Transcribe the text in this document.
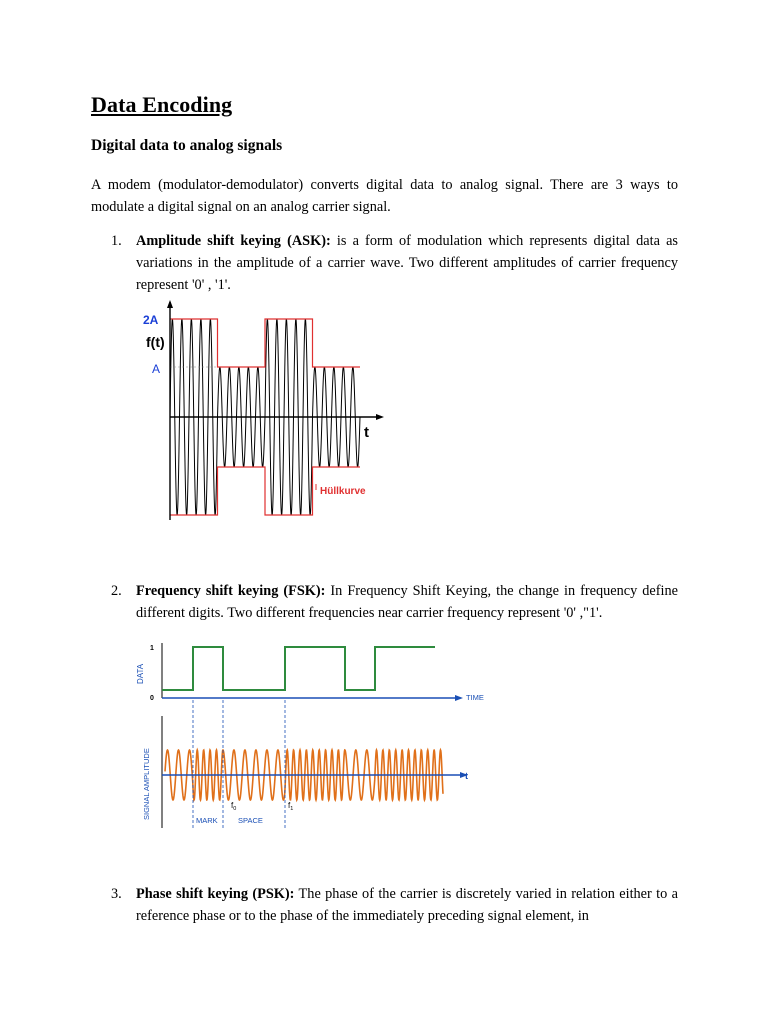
Data Encoding
Digital data to analog signals

A modem (modulator-demodulator) converts digital data to analog signal. There are 3 ways to modulate a digital signal on an analog carrier signal.

1. Amplitude shift keying (ASK): is a form of modulation which represents digital data as variations in the amplitude of a carrier wave. Two different amplitudes of carrier frequency represent '0' , '1'.
2A
f(t)
A
t
Hüllkurve
2. Frequency shift keying (FSK): In Frequency Shift Keying, the change in frequency define different digits. Two different frequencies near carrier frequency represent '0' ,"1'.
1
0
DATA
TIME
SIGNAL AMPLITUDE	t
$f_0$	$f_1$
MARK	SPACE
3. Phase shift keying (PSK): The phase of the carrier is discretely varied in relation either to a reference phase or to the phase of the immediately preceding signal element, in
